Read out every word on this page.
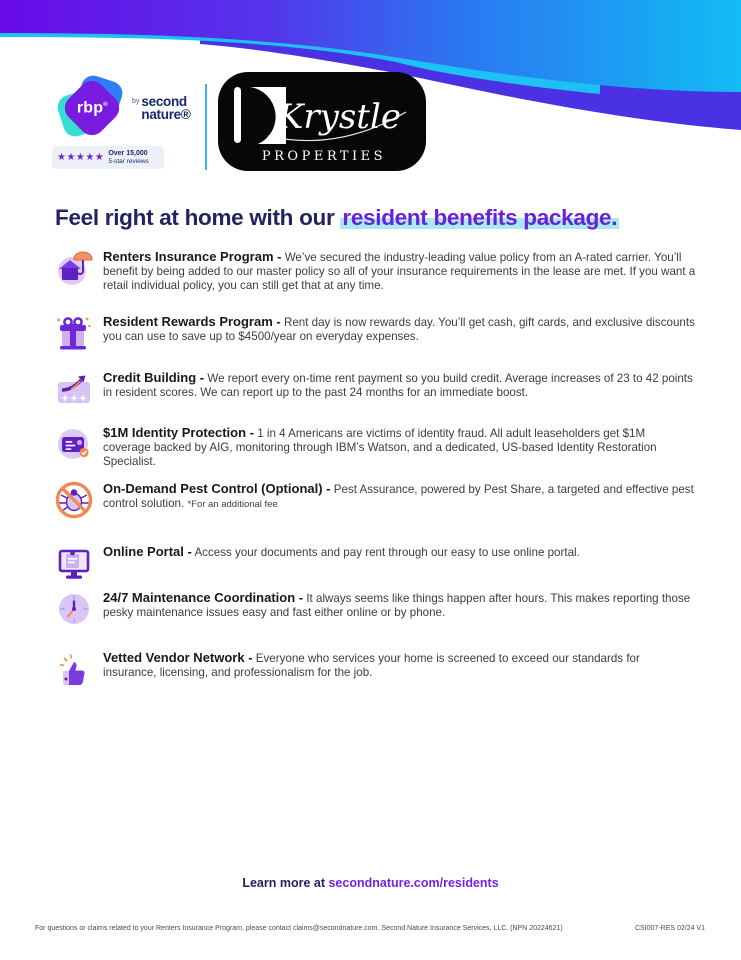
rbp®	by second
nature®
★★★★★ Over 15,000
5-star reviews
Krystle
PROPERTIES
Feel right at home with our resident benefits package.

Renters Insurance Program - We’ve secured the industry-leading value policy from an A-rated carrier. You’ll benefit by being added to our master policy so all of your insurance requirements in the lease are met. If you want a retail individual policy, you can still get that at any time.

Resident Rewards Program - Rent day is now rewards day. You’ll get cash, gift cards, and exclusive discounts you can use to save up to $4500/year on everyday expenses.

Credit Building - We report every on-time rent payment so you build credit. Average increases of 23 to 42 points in resident scores. We can report up to the past 24 months for an immediate boost.

$1M Identity Protection - 1 in 4 Americans are victims of identity fraud. All adult leaseholders get $1M coverage backed by AIG, monitoring through IBM’s Watson, and a dedicated, US-based Identity Restoration Specialist.

On-Demand Pest Control (Optional) - Pest Assurance, powered by Pest Share, a targeted and effective pest control solution. *For an additional fee

Online Portal - Access your documents and pay rent through our easy to use online portal.

24/7 Maintenance Coordination - It always seems like things happen after hours. This makes reporting those pesky maintenance issues easy and fast either online or by phone.

Vetted Vendor Network - Everyone who services your home is screened to exceed our standards for insurance, licensing, and professionalism for the job.

Learn more at secondnature.com/residents
For questions or claims related to your Renters Insurance Program, please contact claims@secondnature.com. Second Nature Insurance Services, LLC. (NPN 20224621)	CSI007-RES 02/24 V1
